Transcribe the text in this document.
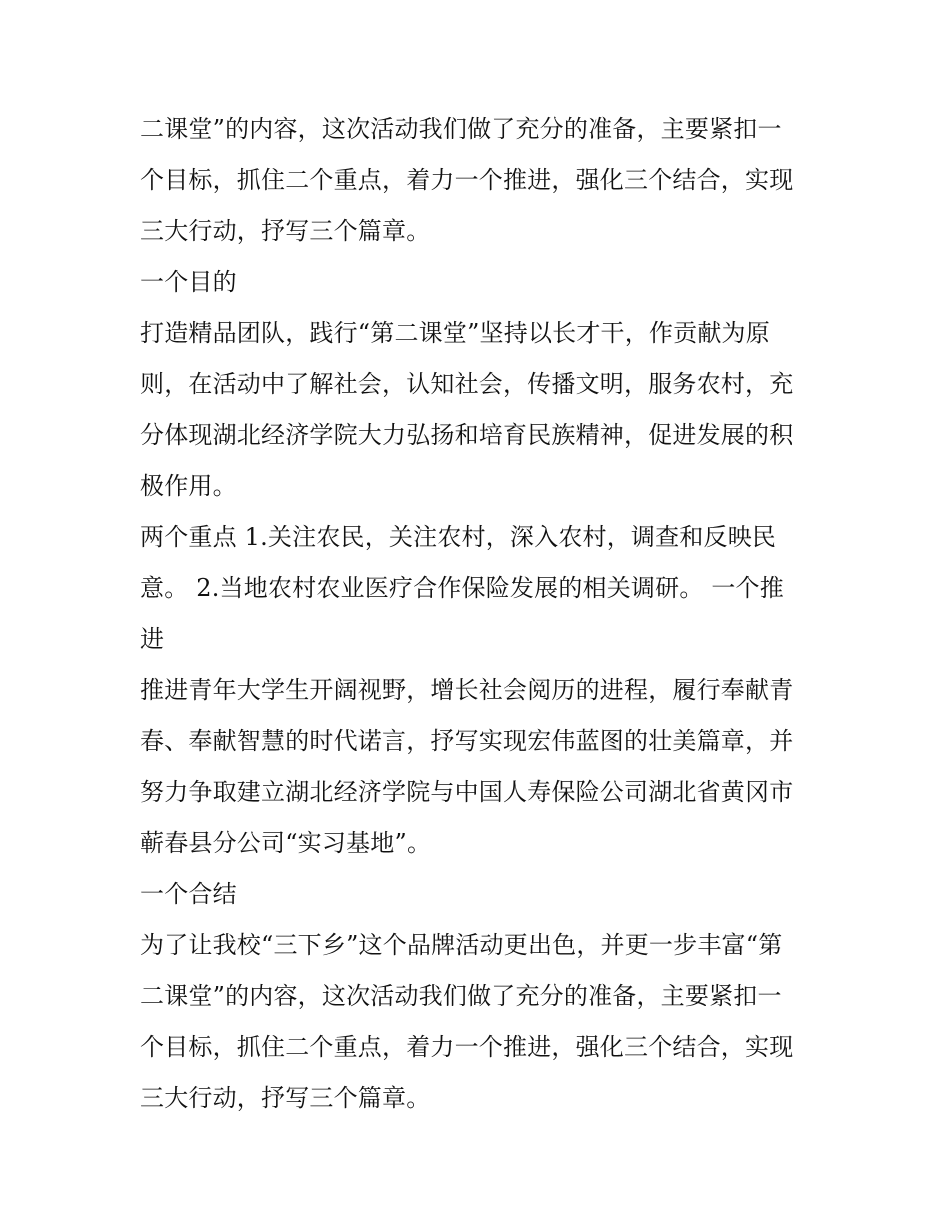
二课堂”的内容，这次活动我们做了充分的准备，主要紧扣一
个目标，抓住二个重点，着力一个推进，强化三个结合，实现
三大行动，抒写三个篇章。
一个目的
打造精品团队，践行“第二课堂”坚持以长才干，作贡献为原
则，在活动中了解社会，认知社会，传播文明，服务农村，充
分体现湖北经济学院大力弘扬和培育民族精神，促进发展的积
极作用。
两个重点 1.关注农民，关注农村，深入农村，调查和反映民
意。 2.当地农村农业医疗合作保险发展的相关调研。 一个推
进
推进青年大学生开阔视野，增长社会阅历的进程，履行奉献青
春、奉献智慧的时代诺言，抒写实现宏伟蓝图的壮美篇章，并
努力争取建立湖北经济学院与中国人寿保险公司湖北省黄冈市
蕲春县分公司“实习基地”。
一个合结
为了让我校“三下乡”这个品牌活动更出色，并更一步丰富“第
二课堂”的内容，这次活动我们做了充分的准备，主要紧扣一
个目标，抓住二个重点，着力一个推进，强化三个结合，实现
三大行动，抒写三个篇章。
